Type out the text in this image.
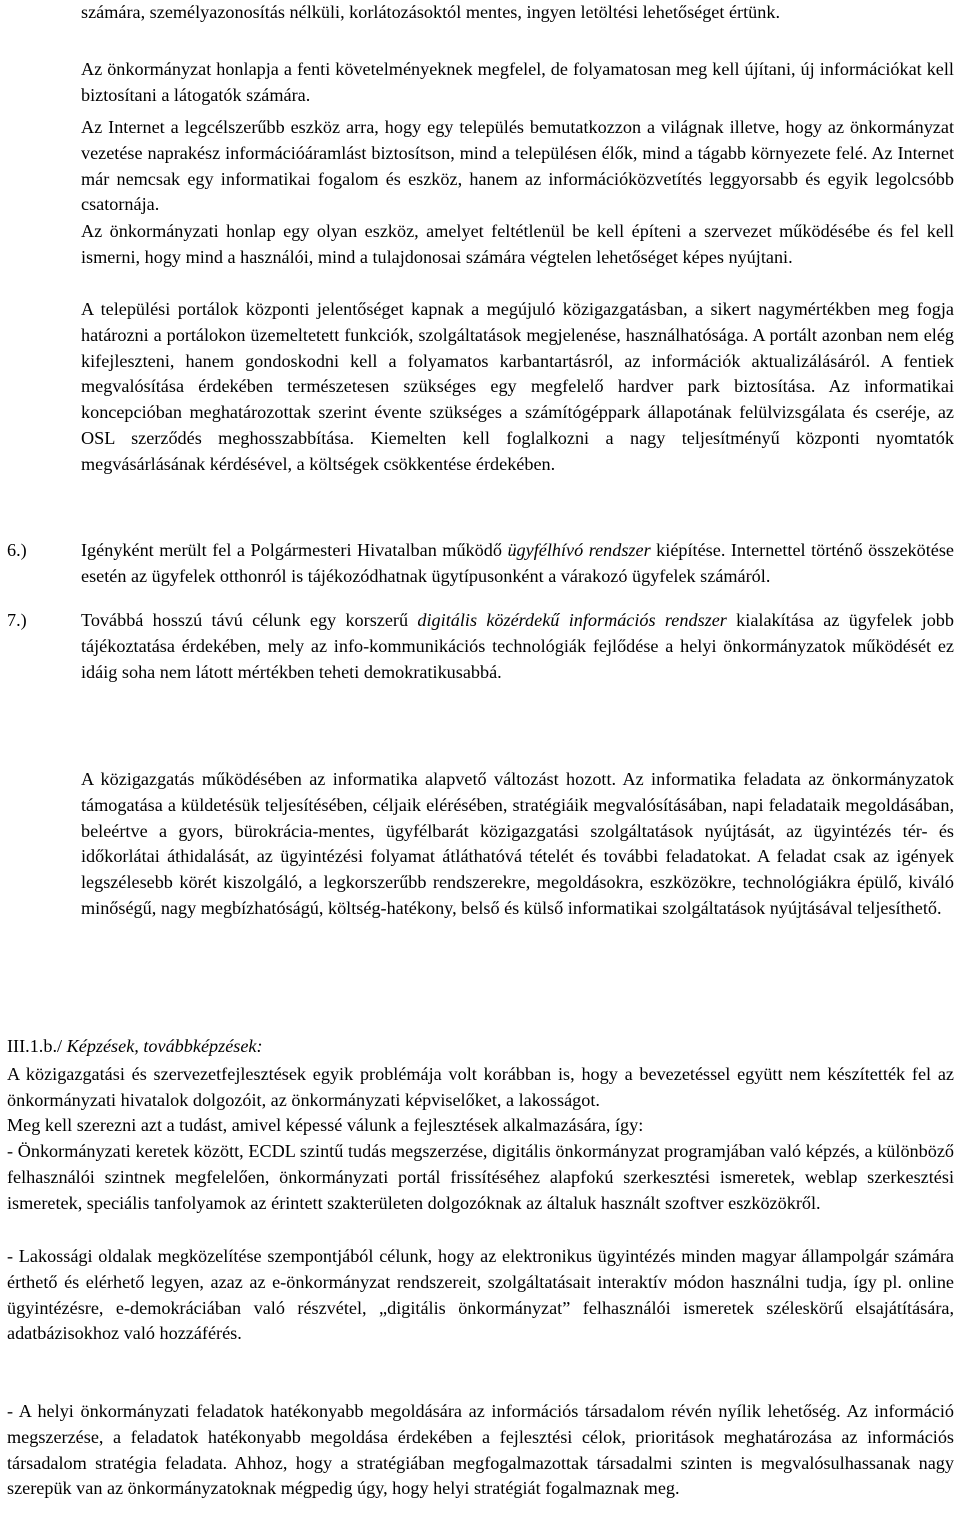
számára, személyazonosítás nélküli, korlátozásoktól mentes, ingyen letöltési lehetőséget értünk.

Az önkormányzat honlapja a fenti követelményeknek megfelel, de folyamatosan meg kell újítani, új információkat kell biztosítani a látogatók számára.

Az Internet a legcélszerűbb eszköz arra, hogy egy település bemutatkozzon a világnak illetve, hogy az önkormányzat vezetése naprakész információáramlást biztosítson, mind a településen élők, mind a tágabb környezete felé. Az Internet már nemcsak egy informatikai fogalom és eszköz, hanem az információközvetítés leggyorsabb és egyik legolcsóbb csatornája.

Az önkormányzati honlap egy olyan eszköz, amelyet feltétlenül be kell építeni a szervezet működésébe és fel kell ismerni, hogy mind a használói, mind a tulajdonosai számára végtelen lehetőséget képes nyújtani.

A települési portálok központi jelentőséget kapnak a megújuló közigazgatásban, a sikert nagymértékben meg fogja határozni a portálokon üzemeltetett funkciók, szolgáltatások megjelenése, használhatósága. A portált azonban nem elég kifejleszteni, hanem gondoskodni kell a folyamatos karbantartásról, az információk aktualizálásáról. A fentiek megvalósítása érdekében természetesen szükséges egy megfelelő hardver park biztosítása. Az informatikai koncepcióban meghatározottak szerint évente szükséges a számítógéppark állapotának felülvizsgálata és cseréje, az OSL szerződés meghosszabbítása. Kiemelten kell foglalkozni a nagy teljesítményű központi nyomtatók megvásárlásának kérdésével, a költségek csökkentése érdekében.

6.)	Igényként merült fel a Polgármesteri Hivatalban működő ügyfélhívó rendszer kiépítése. Internettel történő összekötése esetén az ügyfelek otthonról is tájékozódhatnak ügytípusonként a várakozó ügyfelek számáról.

7.)	Továbbá hosszú távú célunk egy korszerű digitális közérdekű információs rendszer kialakítása az ügyfelek jobb tájékoztatása érdekében, mely az info-kommunikációs technológiák fejlődése a helyi önkormányzatok működését ez idáig soha nem látott mértékben teheti demokratikusabbá.

A közigazgatás működésében az informatika alapvető változást hozott. Az informatika feladata az önkormányzatok támogatása a küldetésük teljesítésében, céljaik elérésében, stratégiáik megvalósításában, napi feladataik megoldásában, beleértve a gyors, bürokrácia-mentes, ügyfélbarát közigazgatási szolgáltatások nyújtását, az ügyintézés tér- és időkorlátai áthidalását, az ügyintézési folyamat átláthatóvá tételét és további feladatokat. A feladat csak az igények legszélesebb körét kiszolgáló, a legkorszerűbb rendszerekre, megoldásokra, eszközökre, technológiákra épülő, kiváló minőségű, nagy megbízhatóságú, költség-hatékony, belső és külső informatikai szolgáltatások nyújtásával teljesíthető.

III.1.b./ Képzések, továbbképzések:

A közigazgatási és szervezetfejlesztések egyik problémája volt korábban is, hogy a bevezetéssel együtt nem készítették fel az önkormányzati hivatalok dolgozóit, az önkormányzati képviselőket, a lakosságot.

Meg kell szerezni azt a tudást, amivel képessé válunk a fejlesztések alkalmazására, így:

- Önkormányzati keretek között, ECDL szintű tudás megszerzése, digitális önkormányzat programjában való képzés, a különböző felhasználói szintnek megfelelően, önkormányzati portál frissítéséhez alapfokú szerkesztési ismeretek, weblap szerkesztési ismeretek, speciális tanfolyamok az érintett szakterületen dolgozóknak az általuk használt szoftver eszközökről.

- Lakossági oldalak megközelítése szempontjából célunk, hogy az elektronikus ügyintézés minden magyar állampolgár számára érthető és elérhető legyen, azaz az e-önkormányzat rendszereit, szolgáltatásait interaktív módon használni tudja, így pl. online ügyintézésre, e-demokráciában való részvétel, „digitális önkormányzat” felhasználói ismeretek széleskörű elsajátítására, adatbázisokhoz való hozzáférés.

- A helyi önkormányzati feladatok hatékonyabb megoldására az információs társadalom révén nyílik lehetőség. Az információ megszerzése, a feladatok hatékonyabb megoldása érdekében a fejlesztési célok, prioritások meghatározása az információs társadalom stratégia feladata. Ahhoz, hogy a stratégiában megfogalmazottak társadalmi szinten is megvalósulhassanak nagy szerepük van az önkormányzatoknak mégpedig úgy, hogy helyi stratégiát fogalmaznak meg.
